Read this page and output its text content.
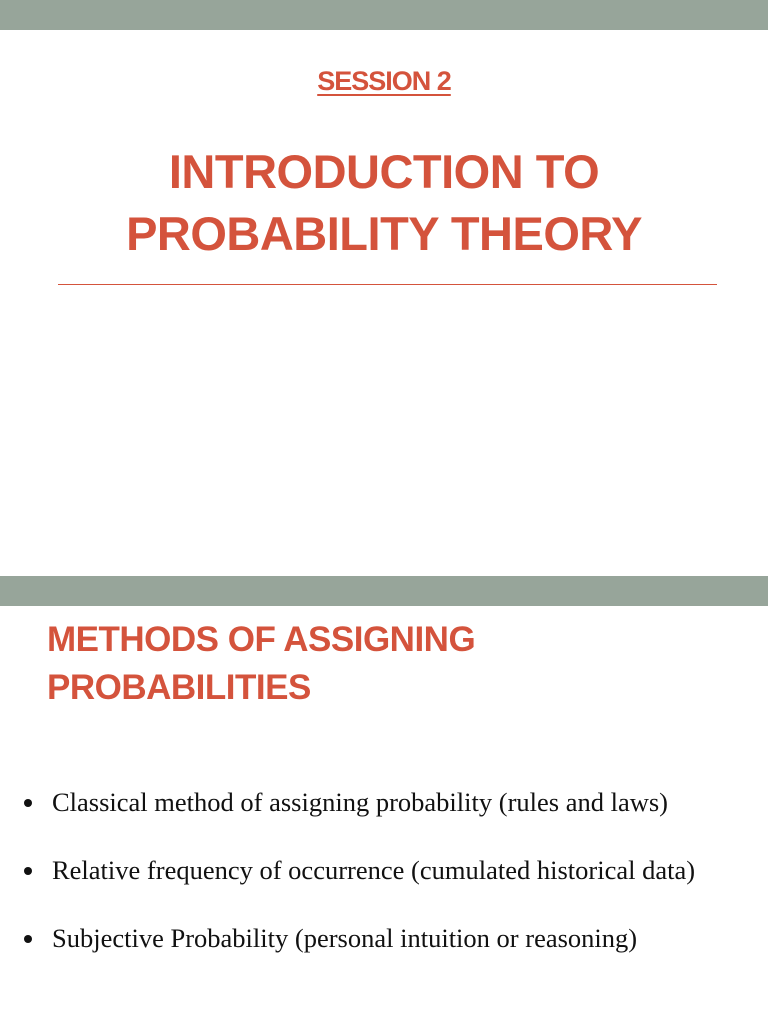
SESSION 2
INTRODUCTION TO
PROBABILITY THEORY
METHODS OF ASSIGNING
PROBABILITIES
Classical method of assigning probability (rules and laws)
Relative frequency of occurrence (cumulated historical data)
Subjective Probability (personal intuition or reasoning)
